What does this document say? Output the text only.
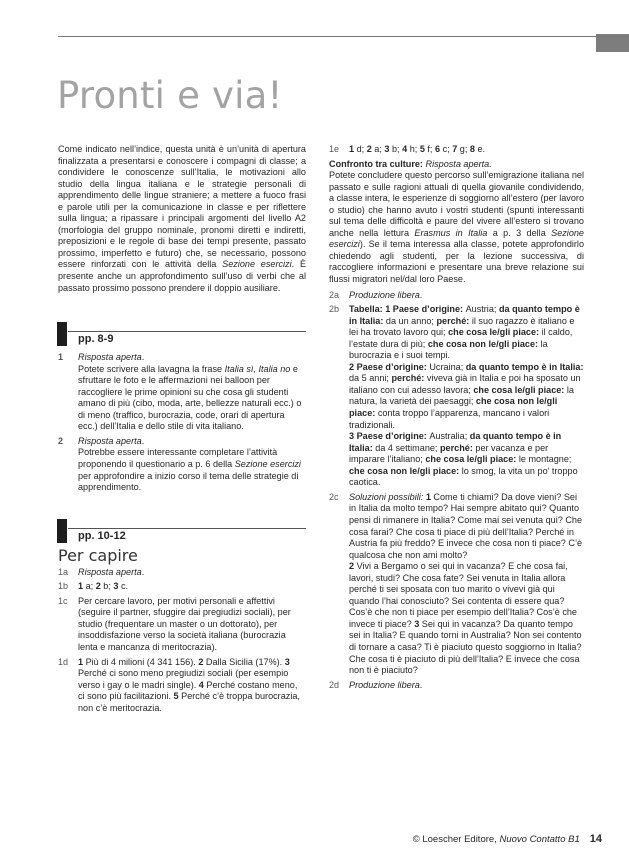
Pronti e via!

Come indicato nell’indice, questa unità è un’unità di apertura finalizzata a presentarsi e conoscere i compagni di classe; a condividere le conoscenze sull’Italia, le motivazioni allo studio della lingua italiana e le strategie personali di apprendimento delle lingue straniere; a mettere a fuoco frasi e parole utili per la comunicazione in classe e per riflettere sulla lingua; a ripassare i principali argomenti del livello A2 (morfologia del gruppo nominale, pronomi diretti e indiretti, preposizioni e le regole di base dei tempi presente, passato prossimo, imperfetto e futuro) che, se necessario, possono essere rinforzati con le attività della Sezione esercizi. È presente anche un approfondimento sull’uso di verbi che al passato prossimo possono prendere il doppio ausiliare.

pp. 8-9
1 Risposta aperta.
Potete scrivere alla lavagna la frase Italia sì, Italia no e sfruttare le foto e le affermazioni nei balloon per raccogliere le prime opinioni su che cosa gli studenti amano di più (cibo, moda, arte, bellezze naturali ecc.) o di meno (traffico, burocrazia, code, orari di apertura ecc.) dell’Italia e dello stile di vita italiano.
2 Risposta aperta.
Potrebbe essere interessante completare l’attività proponendo il questionario a p. 6 della Sezione esercizi per approfondire a inizio corso il tema delle strategie di apprendimento.
pp. 10-12
Per capire
1a Risposta aperta.
1b 1 a; 2 b; 3 c.
1c Per cercare lavoro, per motivi personali e affettivi (seguire il partner, sfuggire dai pregiudizi sociali), per studio (frequentare un master o un dottorato), per insoddisfazione verso la società italiana (burocrazia lenta e mancanza di meritocrazia).
1d 1 Più di 4 milioni (4 341 156). 2 Dalla Sicilia (17%). 3 Perché ci sono meno pregiudizi sociali (per esempio verso i gay o le madri single). 4 Perché costano meno, ci sono più facilitazioni. 5 Perché c’è troppa burocrazia, non c’è meritocrazia.
1e 1 d; 2 a; 3 b; 4 h; 5 f; 6 c; 7 g; 8 e.

Confronto tra culture: Risposta aperta.
Potete concludere questo percorso sull’emigrazione italiana nel passato e sulle ragioni attuali di quella giovanile condividendo, a classe intera, le esperienze di soggiorno all’estero (per lavoro o studio) che hanno avuto i vostri studenti (spunti interessanti sul tema delle difficoltà e paure del vivere all’estero si trovano anche nella lettura Erasmus in Italia a p. 3 della Sezione esercizi). Se il tema interessa alla classe, potete approfondirlo chiedendo agli studenti, per la lezione successiva, di raccogliere informazioni e presentare una breve relazione sui flussi migratori nel/dal loro Paese.

2a Produzione libera.
2b Tabella: 1 Paese d’origine: Austria; da quanto tempo è in Italia: da un anno; perché: il suo ragazzo è italiano e lei ha trovato lavoro qui; che cosa le/gli piace: il caldo, l’estate dura di più; che cosa non le/gli piace: la burocrazia e i suoi tempi.
2 Paese d’origine: Ucraina; da quanto tempo è in Italia: da 5 anni; perché: viveva già in Italia e poi ha sposato un italiano con cui adesso lavora; che cosa le/gli piace: la natura, la varietà dei paesaggi; che cosa non le/gli piace: conta troppo l’apparenza, mancano i valori tradizionali.
3 Paese d’origine: Australia; da quanto tempo è in Italia: da 4 settimane; perché: per vacanza e per imparare l’italiano; che cosa le/gli piace: le montagne; che cosa non le/gli piace: lo smog, la vita un po’ troppo caotica.
2c Soluzioni possibili: 1 Come ti chiami? Da dove vieni? Sei in Italia da molto tempo? Hai sempre abitato qui? Quanto pensi di rimanere in Italia? Come mai sei venuta qui? Che cosa farai? Che cosa ti piace di più dell’Italia? Perché in Austria fa più freddo? E invece che cosa non ti piace? C’è qualcosa che non ami molto?
2 Vivi a Bergamo o sei qui in vacanza? E che cosa fai, lavori, studi? Che cosa fate? Sei venuta in Italia allora perché ti sei sposata con tuo marito o vivevi già qui quando l’hai conosciuto? Sei contenta di essere qua? Cos’è che non ti piace per esempio dell’Italia? Cos’è che invece ti piace? 3 Sei qui in vacanza? Da quanto tempo sei in Italia? E quando torni in Australia? Non sei contento di tornare a casa? Ti è piaciuto questo soggiorno in Italia? Che cosa ti è piaciuto di più dell’Italia? E invece che cosa non ti è piaciuto?
2d Produzione libera.
© Loescher Editore, Nuovo Contatto B1 14
